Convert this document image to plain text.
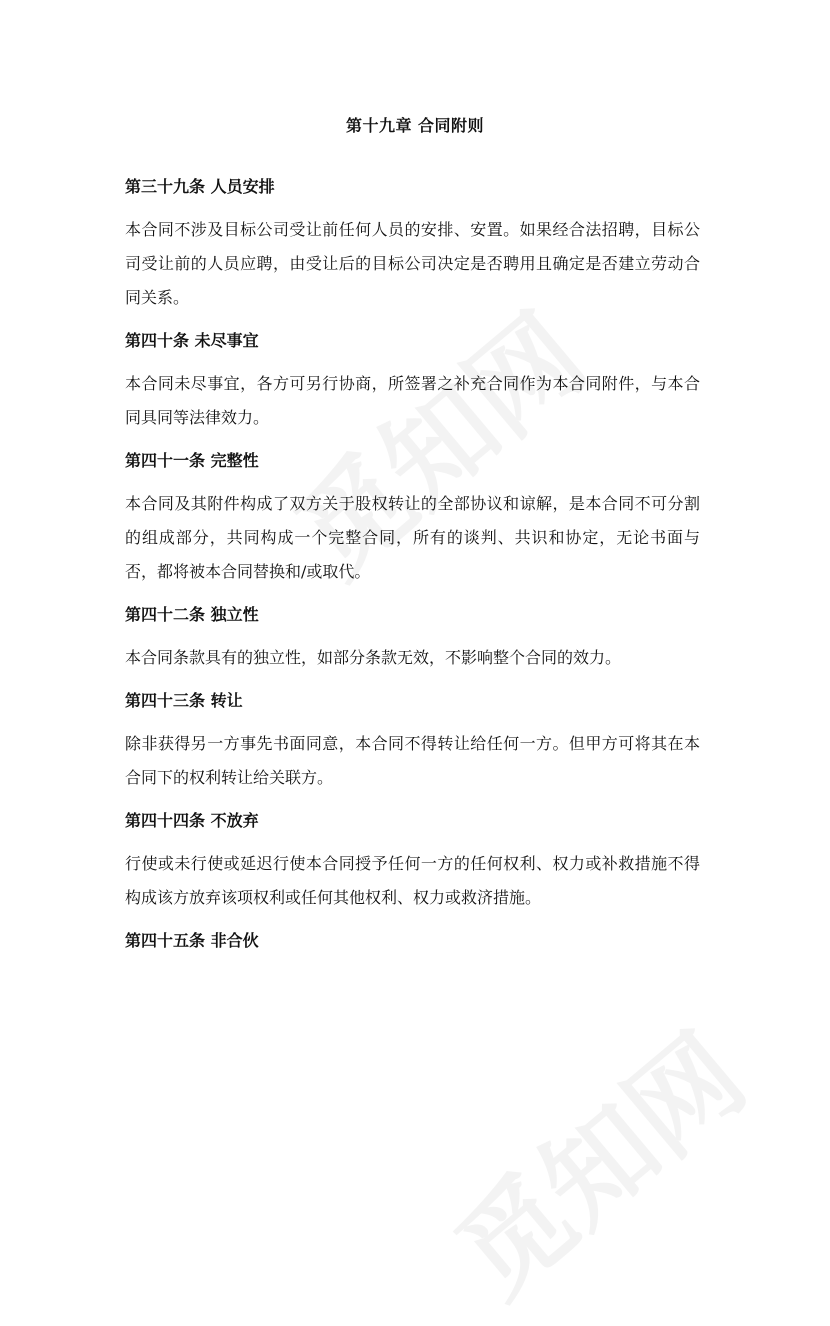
第十九章 合同附则
第三十九条 人员安排
本合同不涉及目标公司受让前任何人员的安排、安置。如果经合法招聘，目标公司受让前的人员应聘，由受让后的目标公司决定是否聘用且确定是否建立劳动合同关系。
第四十条 未尽事宜
本合同未尽事宜，各方可另行协商，所签署之补充合同作为本合同附件，与本合同具同等法律效力。
第四十一条 完整性
本合同及其附件构成了双方关于股权转让的全部协议和谅解，是本合同不可分割的组成部分，共同构成一个完整合同，所有的谈判、共识和协定，无论书面与否，都将被本合同替换和/或取代。
第四十二条 独立性
本合同条款具有的独立性，如部分条款无效，不影响整个合同的效力。
第四十三条 转让
除非获得另一方事先书面同意，本合同不得转让给任何一方。但甲方可将其在本合同下的权利转让给关联方。
第四十四条 不放弃
行使或未行使或延迟行使本合同授予任何一方的任何权利、权力或补救措施不得构成该方放弃该项权利或任何其他权利、权力或救济措施。
第四十五条 非合伙
